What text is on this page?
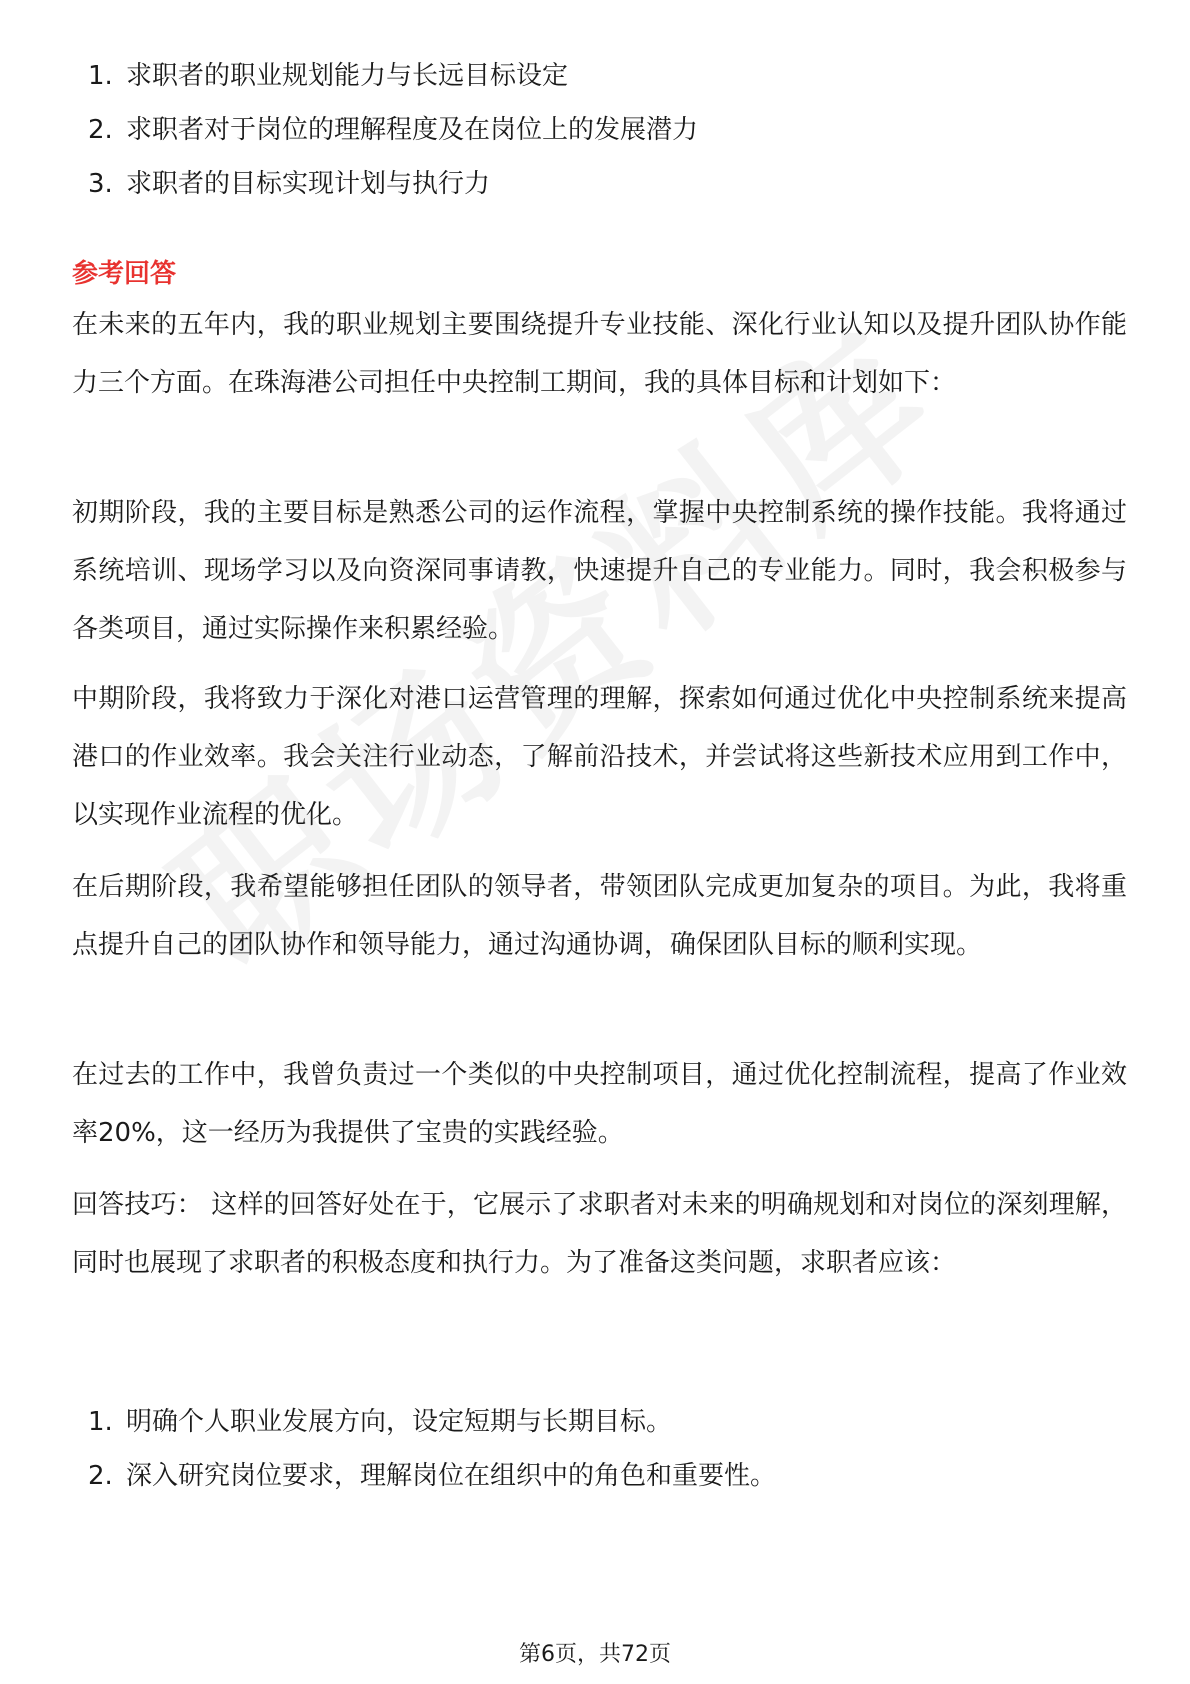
1. 求职者的职业规划能力与长远目标设定
2. 求职者对于岗位的理解程度及在岗位上的发展潜力
3. 求职者的目标实现计划与执行力
参考回答

在未来的五年内，我的职业规划主要围绕提升专业技能、深化行业认知以及提升团队协作能力三个方面。在珠海港公司担任中央控制工期间，我的具体目标和计划如下：

初期阶段，我的主要目标是熟悉公司的运作流程，掌握中央控制系统的操作技能。我将通过系统培训、现场学习以及向资深同事请教，快速提升自己的专业能力。同时，我会积极参与各类项目，通过实际操作来积累经验。

中期阶段，我将致力于深化对港口运营管理的理解，探索如何通过优化中央控制系统来提高港口的作业效率。我会关注行业动态，了解前沿技术，并尝试将这些新技术应用到工作中，以实现作业流程的优化。

在后期阶段，我希望能够担任团队的领导者，带领团队完成更加复杂的项目。为此，我将重点提升自己的团队协作和领导能力，通过沟通协调，确保团队目标的顺利实现。

在过去的工作中，我曾负责过一个类似的中央控制项目，通过优化控制流程，提高了作业效率20%，这一经历为我提供了宝贵的实践经验。

回答技巧： 这样的回答好处在于，它展示了求职者对未来的明确规划和对岗位的深刻理解，同时也展现了求职者的积极态度和执行力。为了准备这类问题，求职者应该：

1. 明确个人职业发展方向，设定短期与长期目标。
2. 深入研究岗位要求，理解岗位在组织中的角色和重要性。
第6页，共72页
